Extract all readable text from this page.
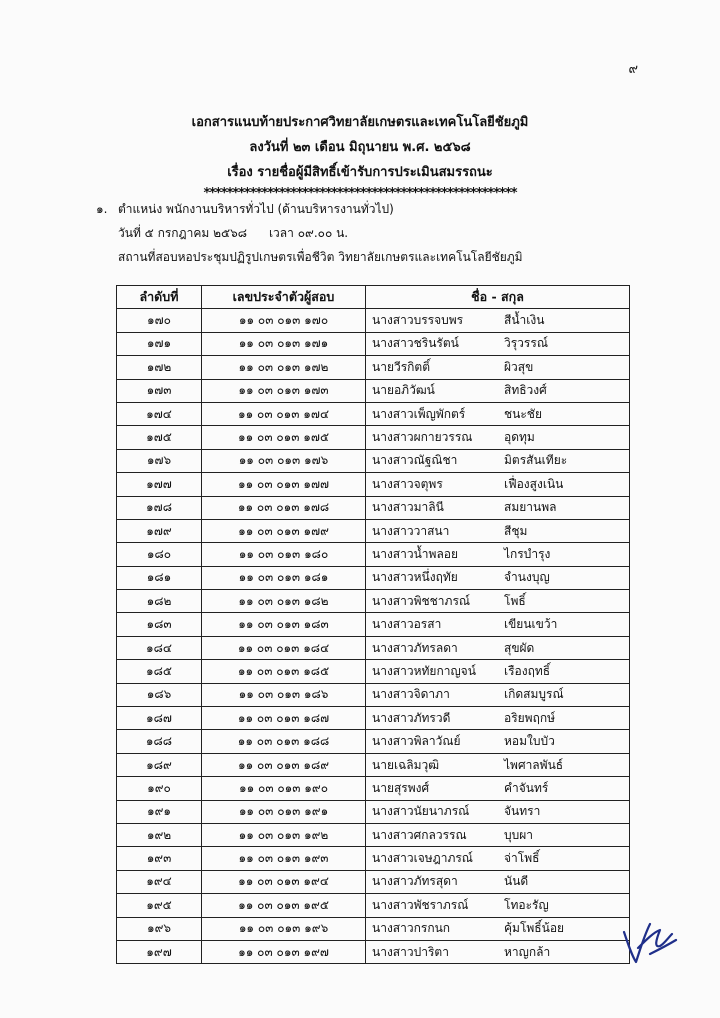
๙
เอกสารแนบท้ายประกาศวิทยาลัยเกษตรและเทคโนโลยีชัยภูมิ
ลงวันที่ ๒๓ เดือน มิถุนายน พ.ศ. ๒๕๖๘
เรื่อง รายชื่อผู้มีสิทธิ์เข้ารับการประเมินสมรรถนะ
******************************************************
๑. ตำแหน่ง พนักงานบริหารทั่วไป (ด้านบริหารงานทั่วไป)
วันที่ ๕ กรกฎาคม ๒๕๖๘ เวลา ๐๙.๐๐ น.
สถานที่สอบหอประชุมปฏิรูปเกษตรเพื่อชีวิต วิทยาลัยเกษตรและเทคโนโลยีชัยภูมิ
ลำดับที่	เลขประจำตัวผู้สอบ	ชื่อ - สกุล	
๑๗๐	๑๑ ๐๓ ๐๑๓ ๑๗๐	นางสาวบรรจบพร	สีน้ำเงิน
๑๗๑	๑๑ ๐๓ ๐๑๓ ๑๗๑	นางสาวชรินรัตน์	วิรุวรรณ์
๑๗๒	๑๑ ๐๓ ๐๑๓ ๑๗๒	นายวีรกิตติ์	ผิวสุข
๑๗๓	๑๑ ๐๓ ๐๑๓ ๑๗๓	นายอภิวัฒน์	สิทธิวงศ์
๑๗๔	๑๑ ๐๓ ๐๑๓ ๑๗๔	นางสาวเพ็ญพักตร์	ชนะชัย
๑๗๕	๑๑ ๐๓ ๐๑๓ ๑๗๕	นางสาวผกายวรรณ	อุดทุม
๑๗๖	๑๑ ๐๓ ๐๑๓ ๑๗๖	นางสาวณัฐณิชา	มิตรสันเทียะ
๑๗๗	๑๑ ๐๓ ๐๑๓ ๑๗๗	นางสาวจตุพร	เฟื่องสูงเนิน
๑๗๘	๑๑ ๐๓ ๐๑๓ ๑๗๘	นางสาวมาลินี	สมยานพล
๑๗๙	๑๑ ๐๓ ๐๑๓ ๑๗๙	นางสาววาสนา	สีชุม
๑๘๐	๑๑ ๐๓ ๐๑๓ ๑๘๐	นางสาวน้ำพลอย	ไกรบำรุง
๑๘๑	๑๑ ๐๓ ๐๑๓ ๑๘๑	นางสาวหนึ่งฤทัย	จำนงบุญ
๑๘๒	๑๑ ๐๓ ๐๑๓ ๑๘๒	นางสาวพิชชาภรณ์	โพธิ์
๑๘๓	๑๑ ๐๓ ๐๑๓ ๑๘๓	นางสาวอรสา	เขียนเขว้า
๑๘๔	๑๑ ๐๓ ๐๑๓ ๑๘๔	นางสาวภัทรลดา	สุขผัด
๑๘๕	๑๑ ๐๓ ๐๑๓ ๑๘๕	นางสาวหทัยกาญจน์	เรืองฤทธิ์
๑๘๖	๑๑ ๐๓ ๐๑๓ ๑๘๖	นางสาวจิดาภา	เกิดสมบูรณ์
๑๘๗	๑๑ ๐๓ ๐๑๓ ๑๘๗	นางสาวภัทรวดี	อริยพฤกษ์
๑๘๘	๑๑ ๐๓ ๐๑๓ ๑๘๘	นางสาวพิลาวัณย์	หอมใบบัว
๑๘๙	๑๑ ๐๓ ๐๑๓ ๑๘๙	นายเฉลิมวุฒิ	ไพศาลพันธ์
๑๙๐	๑๑ ๐๓ ๐๑๓ ๑๙๐	นายสุรพงศ์	คำจันทร์
๑๙๑	๑๑ ๐๓ ๐๑๓ ๑๙๑	นางสาวนัยนาภรณ์	จันทรา
๑๙๒	๑๑ ๐๓ ๐๑๓ ๑๙๒	นางสาวศกลวรรณ	บุบผา
๑๙๓	๑๑ ๐๓ ๐๑๓ ๑๙๓	นางสาวเจษฎาภรณ์	จ่าโพธิ์
๑๙๔	๑๑ ๐๓ ๐๑๓ ๑๙๔	นางสาวภัทรสุดา	นันดี
๑๙๕	๑๑ ๐๓ ๐๑๓ ๑๙๕	นางสาวพัชราภรณ์	โทอะรัญ
๑๙๖	๑๑ ๐๓ ๐๑๓ ๑๙๖	นางสาวกรกนก	คุ้มโพธิ์น้อย
๑๙๗	๑๑ ๐๓ ๐๑๓ ๑๙๗	นางสาวปาริตา	หาญกล้า
